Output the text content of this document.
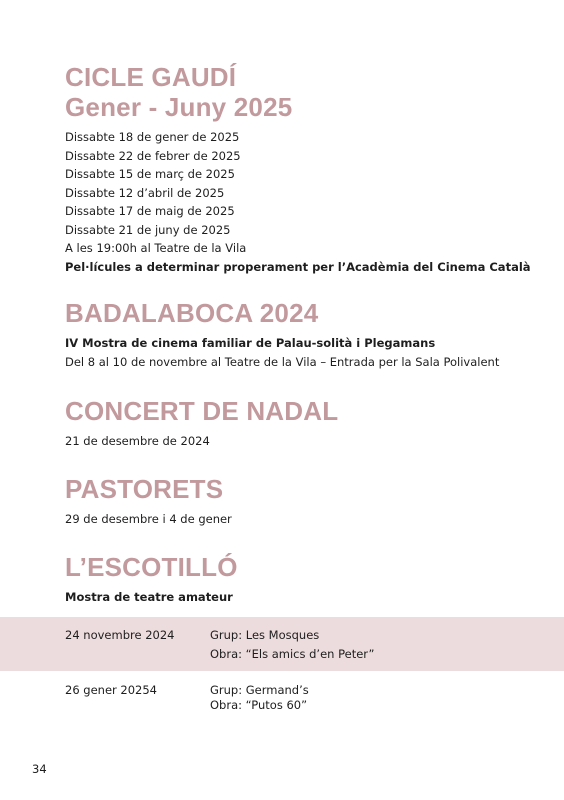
CICLE GAUDÍ
Gener - Juny 2025
Dissabte 18 de gener de 2025
Dissabte 22 de febrer de 2025
Dissabte 15 de març de 2025
Dissabte 12 d’abril de 2025
Dissabte 17 de maig de 2025
Dissabte 21 de juny de 2025
A les 19:00h al Teatre de la Vila
Pel·lícules a determinar properament per l’Acadèmia del Cinema Català
BADALABOCA 2024
IV Mostra de cinema familiar de Palau-solità i Plegamans
Del 8 al 10 de novembre al Teatre de la Vila – Entrada per la Sala Polivalent
CONCERT DE NADAL
21 de desembre de 2024
PASTORETS
29 de desembre i 4 de gener
L’ESCOTILLÓ
Mostra de teatre amateur
24 novembre 2024	Grup: Les Mosques
Obra: “Els amics d’en Peter”
26 gener 20254	Grup: Germand’s
Obra: “Putos 60”
34
